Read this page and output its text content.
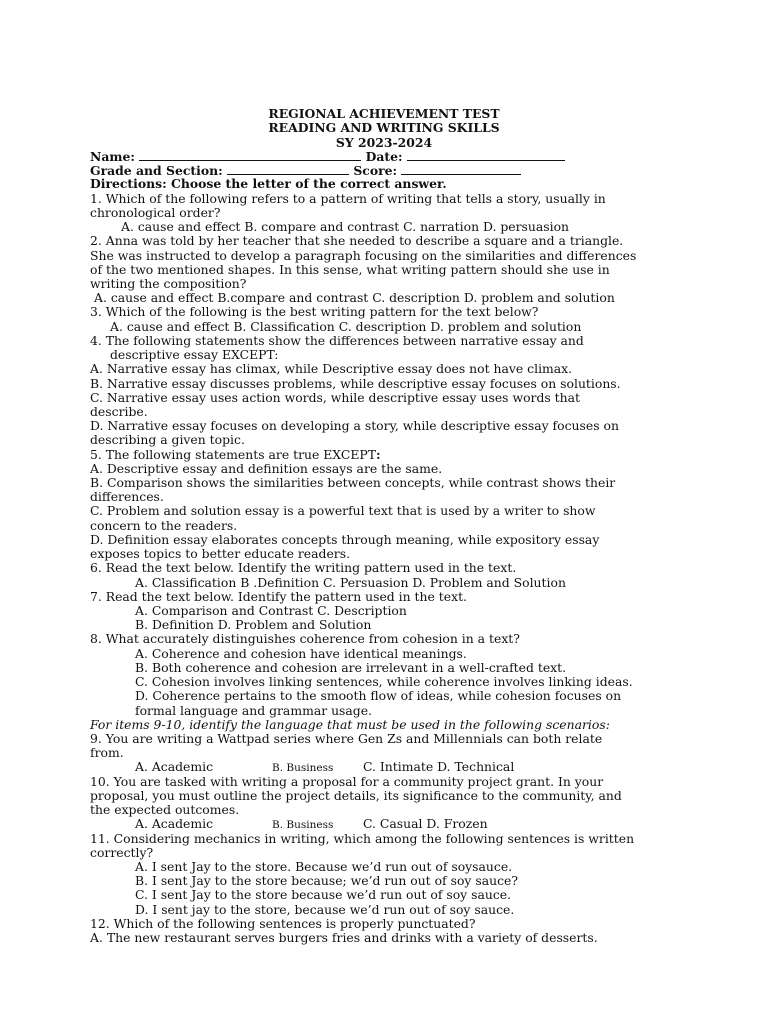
REGIONAL ACHIEVEMENT TEST
READING AND WRITING SKILLS
SY 2023-2024
Name:	Date:
Grade and Section:	Score:
Directions: Choose the letter of the correct answer.
1. Which of the following refers to a pattern of writing that tells a story, usually in
chronological order?
A. cause and effect B. compare and contrast C. narration D. persuasion
2. Anna was told by her teacher that she needed to describe a square and a triangle.
She was instructed to develop a paragraph focusing on the similarities and differences
of the two mentioned shapes. In this sense, what writing pattern should she use in
writing the composition?
A. cause and effect B.compare and contrast C. description D. problem and solution
3. Which of the following is the best writing pattern for the text below?
A. cause and effect B. Classification C. description D. problem and solution
4. The following statements show the differences between narrative essay and
descriptive essay EXCEPT:
A. Narrative essay has climax, while Descriptive essay does not have climax.
B. Narrative essay discusses problems, while descriptive essay focuses on solutions.
C. Narrative essay uses action words, while descriptive essay uses words that
describe.
D. Narrative essay focuses on developing a story, while descriptive essay focuses on
describing a given topic.
5. The following statements are true EXCEPT:
A. Descriptive essay and definition essays are the same.
B. Comparison shows the similarities between concepts, while contrast shows their
differences.
C. Problem and solution essay is a powerful text that is used by a writer to show
concern to the readers.
D. Definition essay elaborates concepts through meaning, while expository essay
exposes topics to better educate readers.
6. Read the text below. Identify the writing pattern used in the text.
A. Classification B .Definition C. Persuasion D. Problem and Solution
7. Read the text below. Identify the pattern used in the text.
A. Comparison and Contrast C. Description
B. Definition D. Problem and Solution
8. What accurately distinguishes coherence from cohesion in a text?
A. Coherence and cohesion have identical meanings.
B. Both coherence and cohesion are irrelevant in a well-crafted text.
C. Cohesion involves linking sentences, while coherence involves linking ideas.
D. Coherence pertains to the smooth flow of ideas, while cohesion focuses on
formal language and grammar usage.
For items 9-10, identify the language that must be used in the following scenarios:
9. You are writing a Wattpad series where Gen Zs and Millennials can both relate
from.
A. Academic	B. Business C. Intimate D. Technical
10. You are tasked with writing a proposal for a community project grant. In your
proposal, you must outline the project details, its significance to the community, and
the expected outcomes.
A. Academic	B. Business C. Casual D. Frozen
11. Considering mechanics in writing, which among the following sentences is written
correctly?
A. I sent Jay to the store. Because we’d run out of soysauce.
B. I sent Jay to the store because; we’d run out of soy sauce?
C. I sent Jay to the store because we’d run out of soy sauce.
D. I sent jay to the store, because we’d run out of soy sauce.
12. Which of the following sentences is properly punctuated?
A. The new restaurant serves burgers fries and drinks with a variety of desserts.
